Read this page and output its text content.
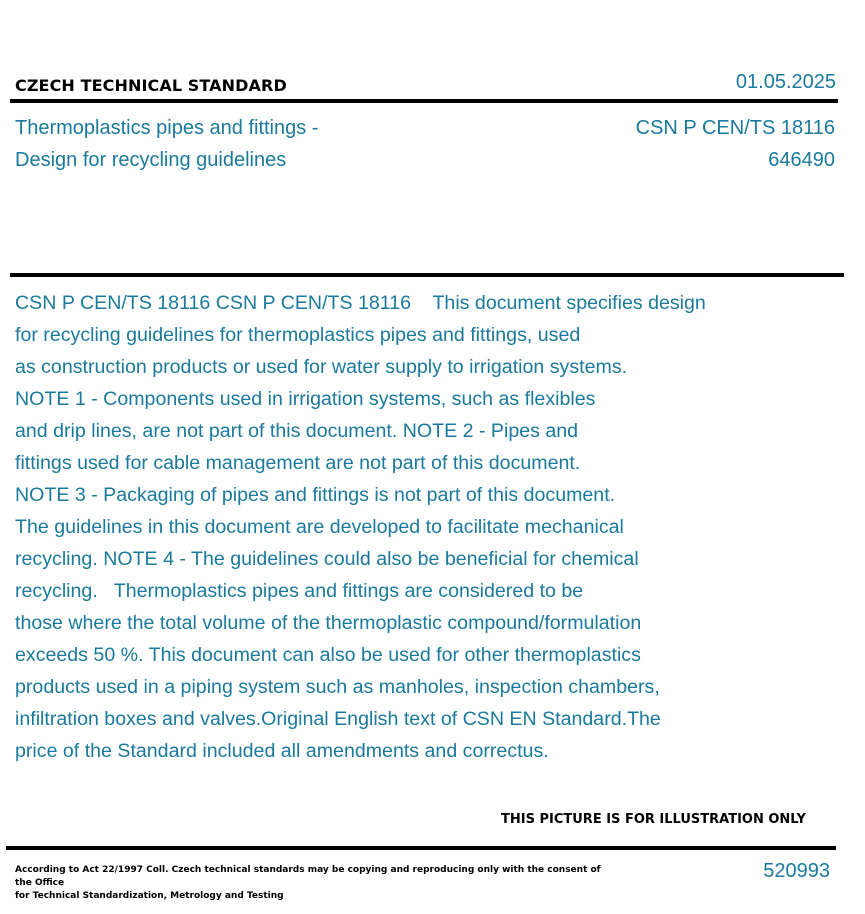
CZECH TECHNICAL STANDARD	01.05.2025
Thermoplastics pipes and fittings -
Design for recycling guidelines
CSN P CEN/TS 18116
646490
CSN P CEN/TS 18116 CSN P CEN/TS 18116    This document specifies design
for recycling guidelines for thermoplastics pipes and fittings, used
as construction products or used for water supply to irrigation systems.
NOTE 1 - Components used in irrigation systems, such as flexibles
and drip lines, are not part of this document. NOTE 2 - Pipes and
fittings used for cable management are not part of this document.
NOTE 3 - Packaging of pipes and fittings is not part of this document.
The guidelines in this document are developed to facilitate mechanical
recycling. NOTE 4 - The guidelines could also be beneficial for chemical
recycling.   Thermoplastics pipes and fittings are considered to be
those where the total volume of the thermoplastic compound/formulation
exceeds 50 %. This document can also be used for other thermoplastics
products used in a piping system such as manholes, inspection chambers,
infiltration boxes and valves.Original English text of CSN EN Standard.The
price of the Standard included all amendments and correctus.
THIS PICTURE IS FOR ILLUSTRATION ONLY
According to Act 22/1997 Coll. Czech technical standards may be copying and reproducing only with the consent of the Office
for Technical Standardization, Metrology and Testing
520993
